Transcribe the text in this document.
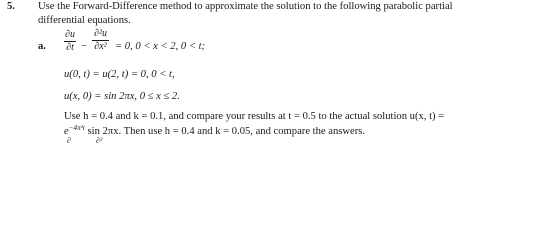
5. Use the Forward-Difference method to approximate the solution to the following parabolic partial
differential equations.
a.
∂u
∂t −
∂²u
∂x² = 0, 0 < x < 2, 0 < t;
u(0, t) = u(2, t) = 0, 0 < t,
u(x, 0) = sin 2πx, 0 ≤ x ≤ 2.
Use h = 0.4 and k = 0.1, and compare your results at t = 0.5 to the actual solution u(x, t) =
$e^{-4\pi^2t}$ sin 2πx. Then use h = 0.4 and k = 0.05, and compare the answers.
∂	∂²
